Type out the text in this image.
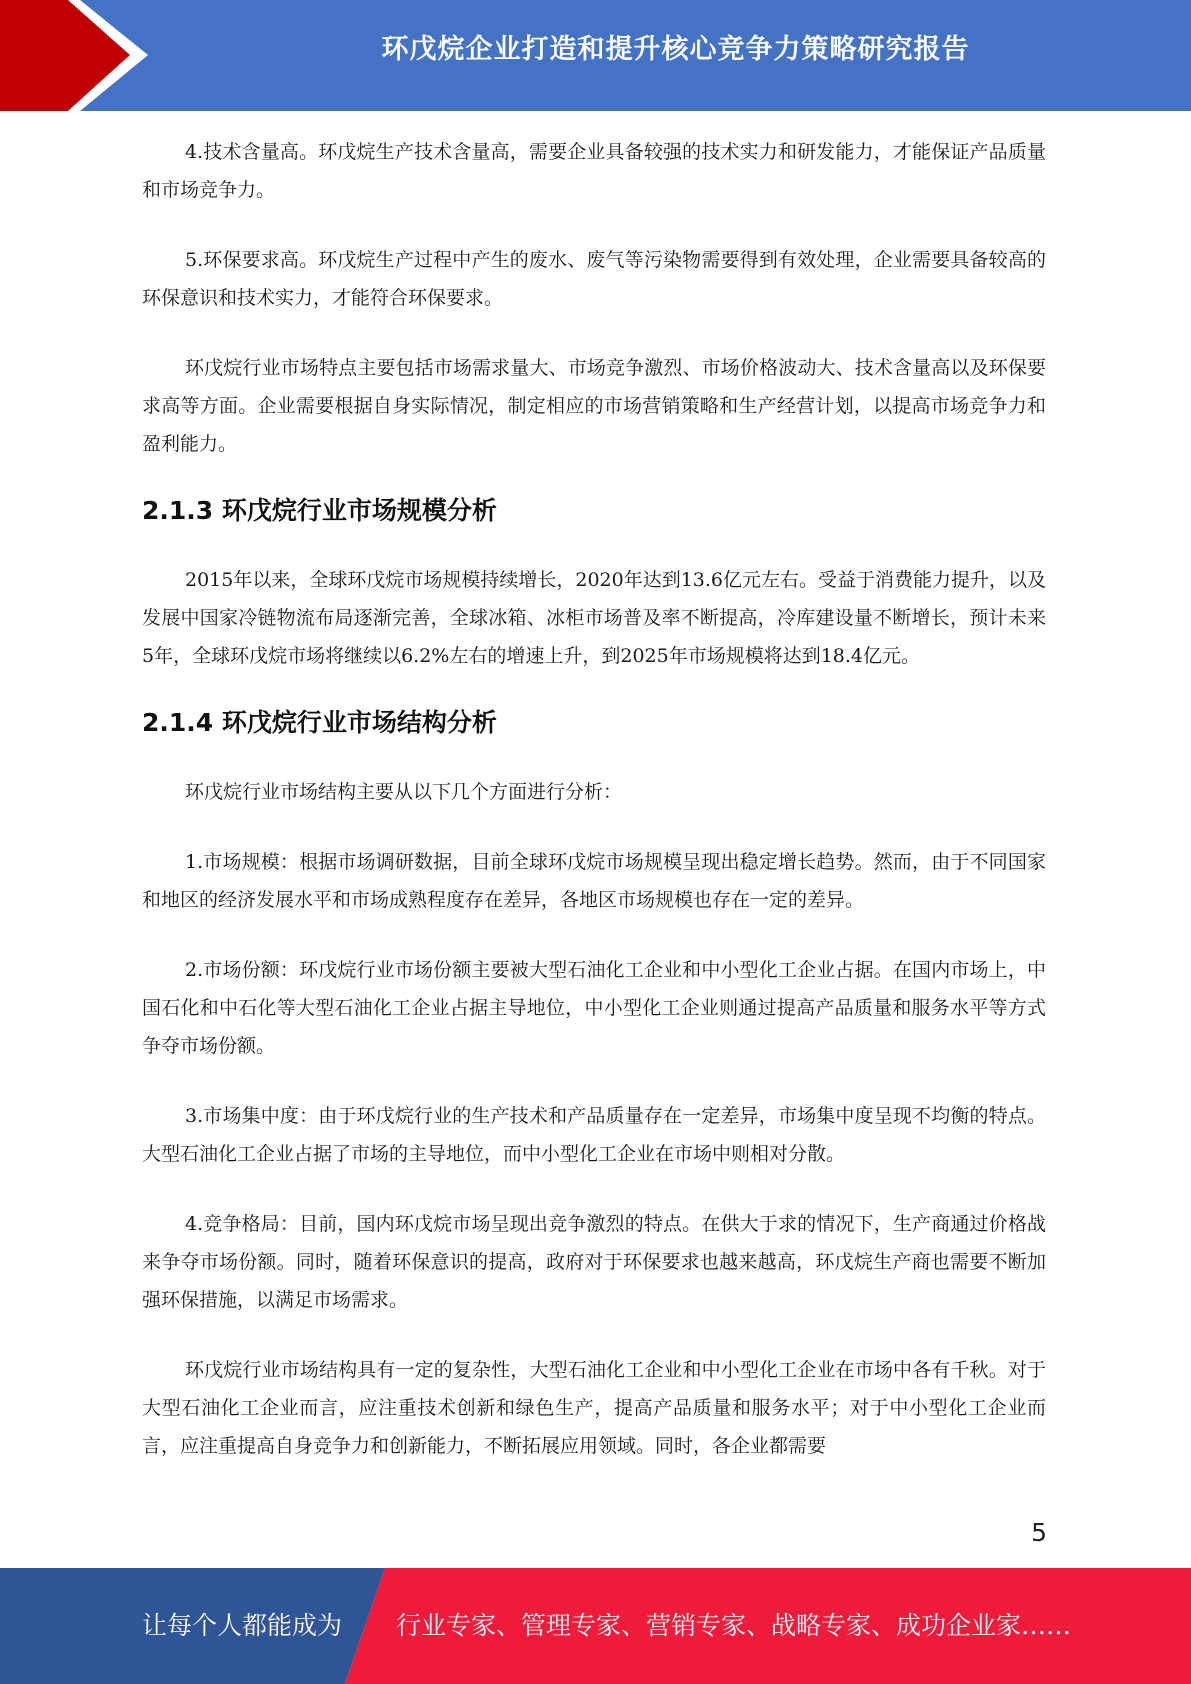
环戊烷企业打造和提升核心竞争力策略研究报告

4.技术含量高。环戊烷生产技术含量高，需要企业具备较强的技术实力和研发能力，才能保证产品质量和市场竞争力。

5.环保要求高。环戊烷生产过程中产生的废水、废气等污染物需要得到有效处理，企业需要具备较高的环保意识和技术实力，才能符合环保要求。

环戊烷行业市场特点主要包括市场需求量大、市场竞争激烈、市场价格波动大、技术含量高以及环保要求高等方面。企业需要根据自身实际情况，制定相应的市场营销策略和生产经营计划，以提高市场竞争力和盈利能力。

2.1.3 环戊烷行业市场规模分析

2015年以来，全球环戊烷市场规模持续增长，2020年达到13.6亿元左右。受益于消费能力提升，以及发展中国家冷链物流布局逐渐完善，全球冰箱、冰柜市场普及率不断提高，冷库建设量不断增长，预计未来5年，全球环戊烷市场将继续以6.2%左右的增速上升，到2025年市场规模将达到18.4亿元。

2.1.4 环戊烷行业市场结构分析

环戊烷行业市场结构主要从以下几个方面进行分析：

1.市场规模：根据市场调研数据，目前全球环戊烷市场规模呈现出稳定增长趋势。然而，由于不同国家和地区的经济发展水平和市场成熟程度存在差异，各地区市场规模也存在一定的差异。

2.市场份额：环戊烷行业市场份额主要被大型石油化工企业和中小型化工企业占据。在国内市场上，中国石化和中石化等大型石油化工企业占据主导地位，中小型化工企业则通过提高产品质量和服务水平等方式争夺市场份额。

3.市场集中度：由于环戊烷行业的生产技术和产品质量存在一定差异，市场集中度呈现不均衡的特点。大型石油化工企业占据了市场的主导地位，而中小型化工企业在市场中则相对分散。

4.竞争格局：目前，国内环戊烷市场呈现出竞争激烈的特点。在供大于求的情况下，生产商通过价格战来争夺市场份额。同时，随着环保意识的提高，政府对于环保要求也越来越高，环戊烷生产商也需要不断加强环保措施，以满足市场需求。

环戊烷行业市场结构具有一定的复杂性，大型石油化工企业和中小型化工企业在市场中各有千秋。对于大型石油化工企业而言，应注重技术创新和绿色生产，提高产品质量和服务水平；对于中小型化工企业而言，应注重提高自身竞争力和创新能力，不断拓展应用领域。同时，各企业都需要

5
让每个人都能成为 行业专家、管理专家、营销专家、战略专家、成功企业家……
